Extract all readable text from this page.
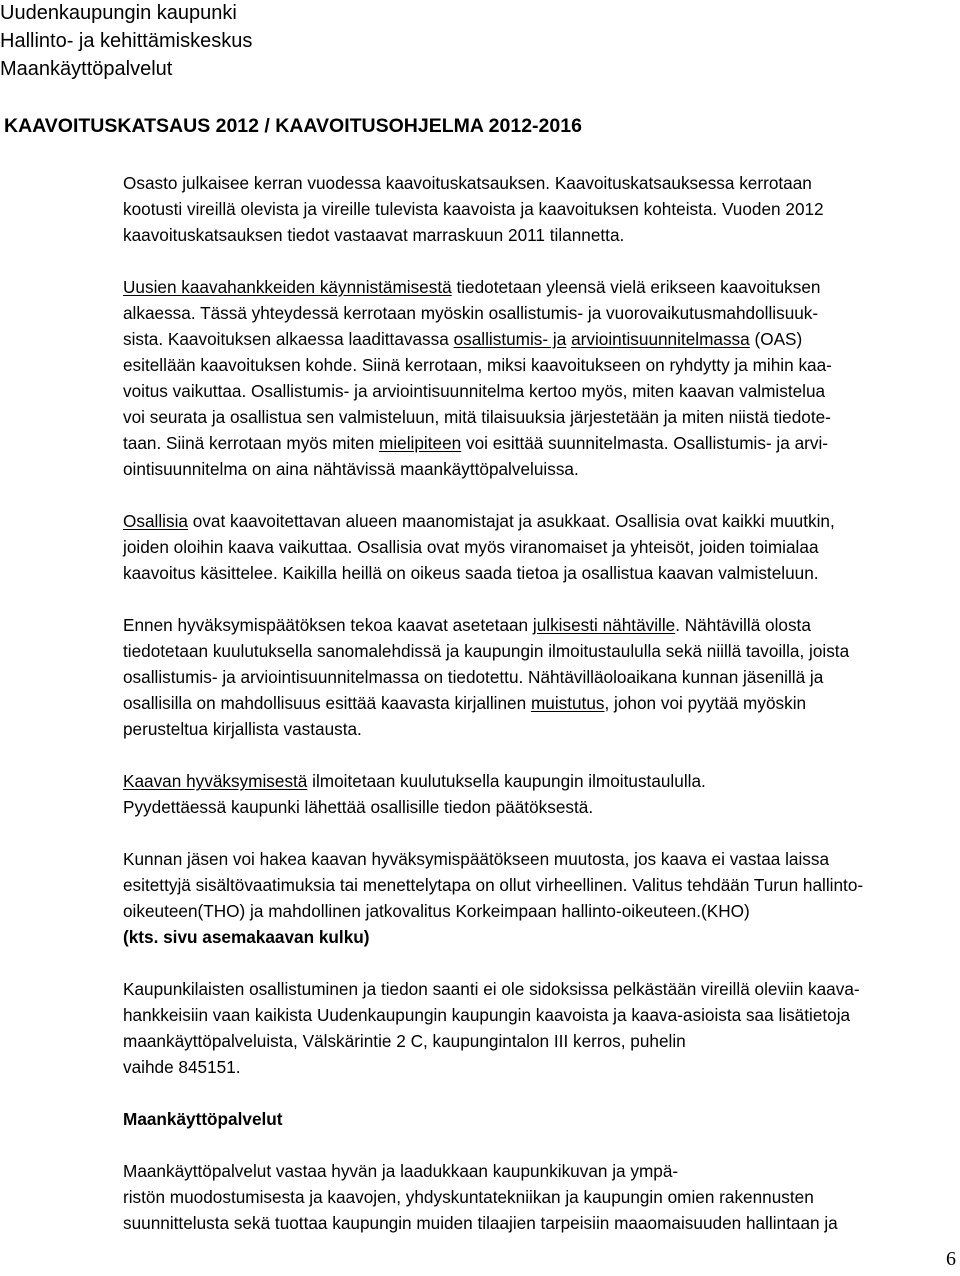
Uudenkaupungin kaupunki
Hallinto- ja kehittämiskeskus
Maankäyttöpalvelut
KAAVOITUSKATSAUS 2012 / KAAVOITUSOHJELMA 2012-2016
Osasto julkaisee kerran vuodessa kaavoituskatsauksen. Kaavoituskatsauksessa kerrotaan
kootusti vireillä olevista ja vireille tulevista kaavoista ja kaavoituksen kohteista. Vuoden 2012
kaavoituskatsauksen tiedot vastaavat marraskuun 2011 tilannetta.
Uusien kaavahankkeiden käynnistämisestä tiedotetaan yleensä vielä erikseen kaavoituksen
alkaessa. Tässä yhteydessä kerrotaan myöskin osallistumis- ja vuorovaikutusmahdollisuuk-
sista. Kaavoituksen alkaessa laadittavassa osallistumis- ja arviointisuunnitelmassa (OAS)
esitellään kaavoituksen kohde. Siinä kerrotaan, miksi kaavoitukseen on ryhdytty ja mihin kaa-
voitus vaikuttaa. Osallistumis- ja arviointisuunnitelma kertoo myös, miten kaavan valmistelua
voi seurata ja osallistua sen valmisteluun, mitä tilaisuuksia järjestetään ja miten niistä tiedote-
taan. Siinä kerrotaan myös miten mielipiteen voi esittää suunnitelmasta. Osallistumis- ja arvi-
ointisuunnitelma on aina nähtävissä maankäyttöpalveluissa.
Osallisia ovat kaavoitettavan alueen maanomistajat ja asukkaat. Osallisia ovat kaikki muutkin,
joiden oloihin kaava vaikuttaa. Osallisia ovat myös viranomaiset ja yhteisöt, joiden toimialaa
kaavoitus käsittelee. Kaikilla heillä on oikeus saada tietoa ja osallistua kaavan valmisteluun.
Ennen hyväksymispäätöksen tekoa kaavat asetetaan julkisesti nähtäville. Nähtävillä olosta
tiedotetaan kuulutuksella sanomalehdissä ja kaupungin ilmoitustaululla sekä niillä tavoilla, joista
osallistumis- ja arviointisuunnitelmassa on tiedotettu. Nähtävilläoloaikana kunnan jäsenillä ja
osallisilla on mahdollisuus esittää kaavasta kirjallinen muistutus, johon voi pyytää myöskin
perusteltua kirjallista vastausta.
Kaavan hyväksymisestä ilmoitetaan kuulutuksella kaupungin ilmoitustaululla.
Pyydettäessä kaupunki lähettää osallisille tiedon päätöksestä.
Kunnan jäsen voi hakea kaavan hyväksymispäätökseen muutosta, jos kaava ei vastaa laissa
esitettyjä sisältövaatimuksia tai menettelytapa on ollut virheellinen. Valitus tehdään Turun hallinto-
oikeuteen(THO) ja mahdollinen jatkovalitus Korkeimpaan hallinto-oikeuteen.(KHO)
(kts. sivu asemakaavan kulku)
Kaupunkilaisten osallistuminen ja tiedon saanti ei ole sidoksissa pelkästään vireillä oleviin kaava-
hankkeisiin vaan kaikista Uudenkaupungin kaupungin kaavoista ja kaava-asioista saa lisätietoja
maankäyttöpalveluista, Välskärintie 2 C, kaupungintalon III kerros, puhelin
vaihde 845151.
Maankäyttöpalvelut
Maankäyttöpalvelut vastaa hyvän ja laadukkaan kaupunkikuvan ja ympä-
ristön muodostumisesta ja kaavojen, yhdyskuntatekniikan ja kaupungin omien rakennusten
suunnittelusta sekä tuottaa kaupungin muiden tilaajien tarpeisiin maaomaisuuden hallintaan ja
6
